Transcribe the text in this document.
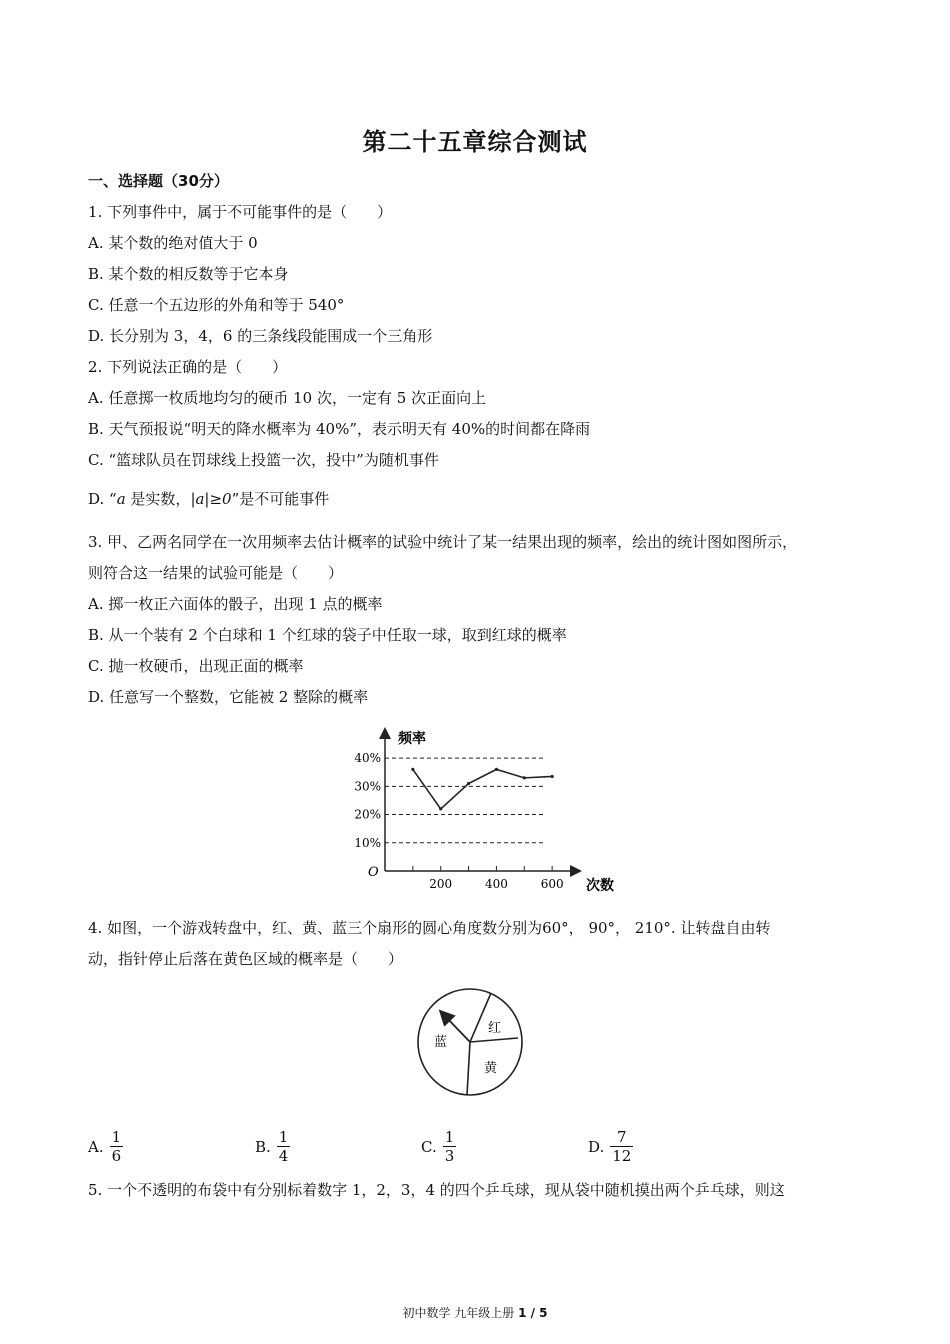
第二十五章综合测试
一、选择题（30分）
1. 下列事件中，属于不可能事件的是（　　）
A. 某个数的绝对值大于 0
B. 某个数的相反数等于它本身
C. 任意一个五边形的外角和等于 540°
D. 长分别为 3，4，6 的三条线段能围成一个三角形
2. 下列说法正确的是（　　）
A. 任意掷一枚质地均匀的硬币 10 次，一定有 5 次正面向上
B. 天气预报说“明天的降水概率为 40%”，表示明天有 40%的时间都在降雨
C. “篮球队员在罚球线上投篮一次，投中”为随机事件
D. “a 是实数，|a|≥0”是不可能事件
3. 甲、乙两名同学在一次用频率去估计概率的试验中统计了某一结果出现的频率，绘出的统计图如图所示，
则符合这一结果的试验可能是（　　）
A. 掷一枚正六面体的骰子，出现 1 点的概率
B. 从一个装有 2 个白球和 1 个红球的袋子中任取一球，取到红球的概率
C. 抛一枚硬币，出现正面的概率
D. 任意写一个整数，它能被 2 整除的概率
10%
20%
30%
40%
200	400	600
频率
次数
O
4. 如图，一个游戏转盘中，红、黄、蓝三个扇形的圆心角度数分别为60°， 90°， 210°. 让转盘自由转
动，指针停止后落在黄色区域的概率是（　　）
红
黄
蓝
A. $\frac{1}{6}$	B. $\frac{1}{4}$	C. $\frac{1}{3}$	D. $\frac{7}{12}$
5. 一个不透明的布袋中有分别标着数字 1，2，3，4 的四个乒乓球，现从袋中随机摸出两个乒乓球，则这
初中数学 九年级上册 1 / 5
